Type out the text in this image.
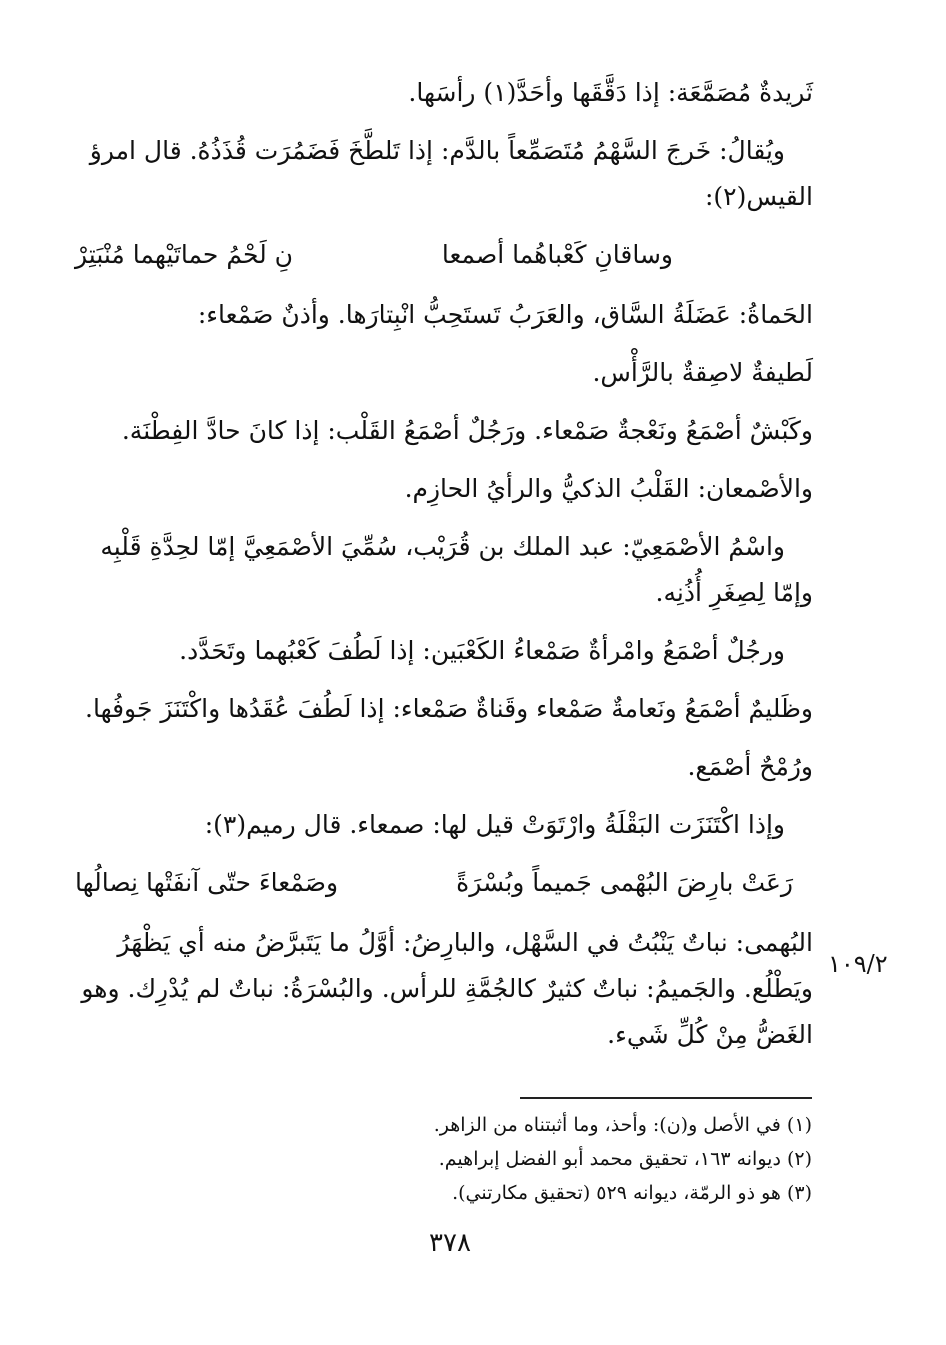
ثَريدةٌ مُصَمَّعَة: إذا دَقَّقَها وأحَدَّ(١) رأسَها.

ويُقالُ: خَرجَ السَّهْمُ مُتَصَمِّعاً بالدَّم: إذا تَلطَّخَ فَضَمُرَت قُذَذُهُ. قال امرؤ القيس(٢):

وساقانِ كَعْباهُما أصمعا
نِ لَحْمُ حماتَيْهما مُنْبَتِرْ

الحَماةُ: عَضَلَةُ السَّاق، والعَرَبُ تَستَحِبُّ انْبِتارَها. وأذنٌ صَمْعاء:

لَطيفةٌ لاصِقةٌ بالرَّأْس.

وكَبْشٌ أصْمَعُ ونَعْجةٌ صَمْعاء. ورَجُلٌ أصْمَعُ القَلْب: إذا كانَ حادَّ الفِطْنَة.

والأصْمعان: القَلْبُ الذكيُّ والرأيُ الحازِم.

واسْمُ الأصْمَعِيّ: عبد الملك بن قُرَيْب، سُمِّيَ الأصْمَعِيَّ إمّا لحِدَّةِ قَلْبِه وإمّا لِصِغَرِ أُذُنِه.

ورجُلٌ أصْمَعُ وامْرأةٌ صَمْعاءُ الكَعْبَين: إذا لَطُفَ كَعْبُهما وتَحَدَّد.

وظَليمٌ أصْمَعُ ونَعامةٌ صَمْعاء وقَناةٌ صَمْعاء: إذا لَطُفَ عُقَدُها واكْتَنَزَ جَوفُها.

ورُمْحٌ أصْمَع.

وإذا اكْتَنَزَت البَقْلَةُ وارْتَوَتْ قيل لها: صمعاء. قال رميم(٣):

رَعَتْ بارِضَ البُهْمى جَميماً وبُسْرَةً
وصَمْعاءَ حتّى آنفَتْها نِصالُها

البُهمى: نباتٌ يَنْبُتُ في السَّهْل، والبارِضُ: أوَّلُ ما يَتَبرَّضُ منه أي يَظْهَرُ ويَطْلُع. والجَميمُ: نباتٌ كثيرٌ كالجُمَّةِ للرأس. والبُسْرَةُ: نباتٌ لم يُدْرِك. وهو الغَضُّ مِنْ كُلِّ شَيء.

١٠٩/٢

(١) في الأصل و(ن): وأحذ، وما أثبتناه من الزاهر.

(٢) ديوانه ١٦٣، تحقيق محمد أبو الفضل إبراهيم.

(٣) هو ذو الرمّة، ديوانه ٥٢٩ (تحقيق مكارتني).

٣٧٨
